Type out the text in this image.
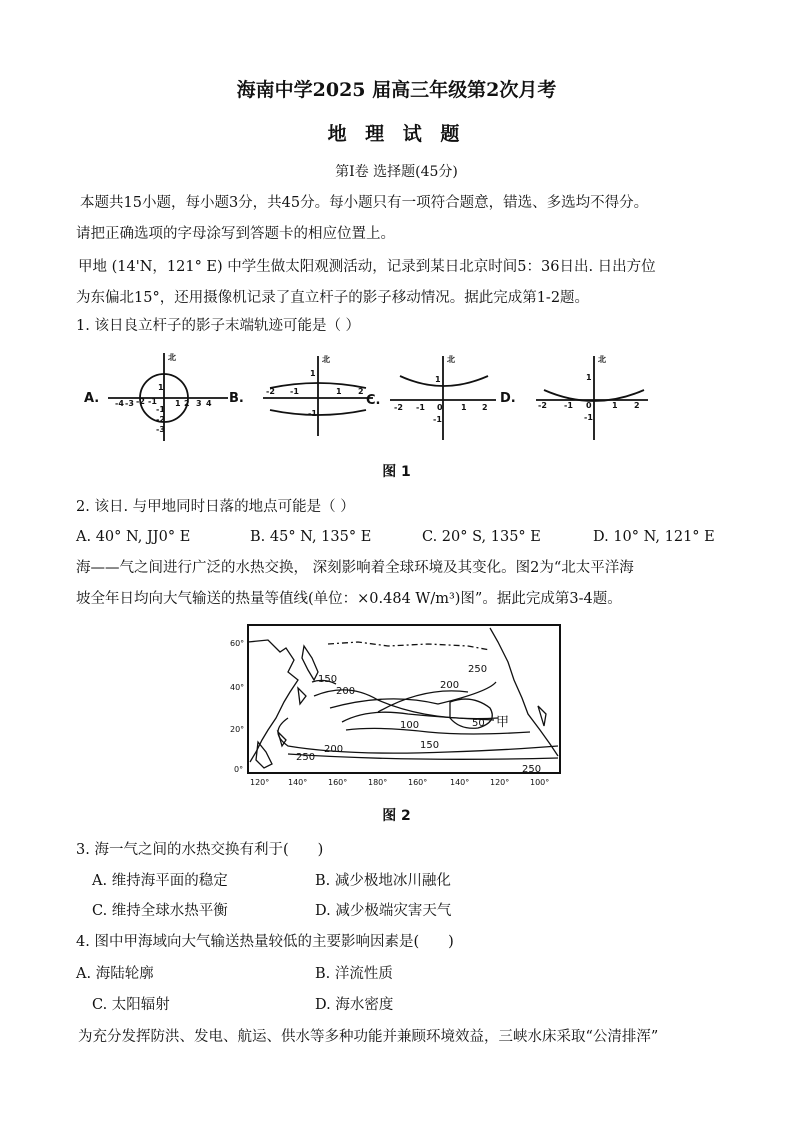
海南中学2025 届高三年级第2次月考
地 理 试 题
第Ⅰ卷 选择题(45分)
本题共15小题，每小题3分，共45分。每小题只有一项符合题意，错选、多选均不得分。
请把正确选项的字母涂写到答题卡的相应位置上。
甲地 (14'N，121° E) 中学生做太阳观测活动，记录到某日北京时间5：36日出. 日出方位
为东偏北15°，还用摄像机记录了直立杆子的影子移动情况。据此完成第1-2题。
1. 该日良立杆子的影子末端轨迹可能是（ ）
A.	B.	C.	D.
北	北	北	北
-4 -3 -2 -1 1 2 3 4
1
-1
-2
-3
-2 -1	1 2
1
-1
-2 -1 0 1 2
1
-1
-2 -1 0	1 2
1
-1
图 1
2. 该日. 与甲地同时日落的地点可能是（ ）
A. 40° N, JJ0° E	B. 45° N, 135° E	C. 20° S, 135° E	D. 10° N, 121° E
海——气之间进行广泛的水热交换， 深刻影响着全球环境及其变化。图2为“北太平洋海
坡全年日均向大气输送的热量等值线(单位：×0.484 W/m³)图”。据此完成第3-4题。
60°
40°
20°
0°
120° 140°	160°	180°	160°	140°	120°	100°
150
200
250
200
100	50
150
200
250
250
甲
图 2
3. 海一气之间的水热交换有利于(　　)
A. 维持海平面的稳定	B. 减少极地冰川融化
C. 维持全球水热平衡	D. 减少极端灾害天气
4. 图中甲海域向大气输送热量较低的主要影响因素是(　　)
A. 海陆轮廓	B. 洋流性质
C. 太阳辐射	D. 海水密度
为充分发挥防洪、发电、航运、供水等多种功能并兼顾环境效益，三峡水床采取“公清排浑”
